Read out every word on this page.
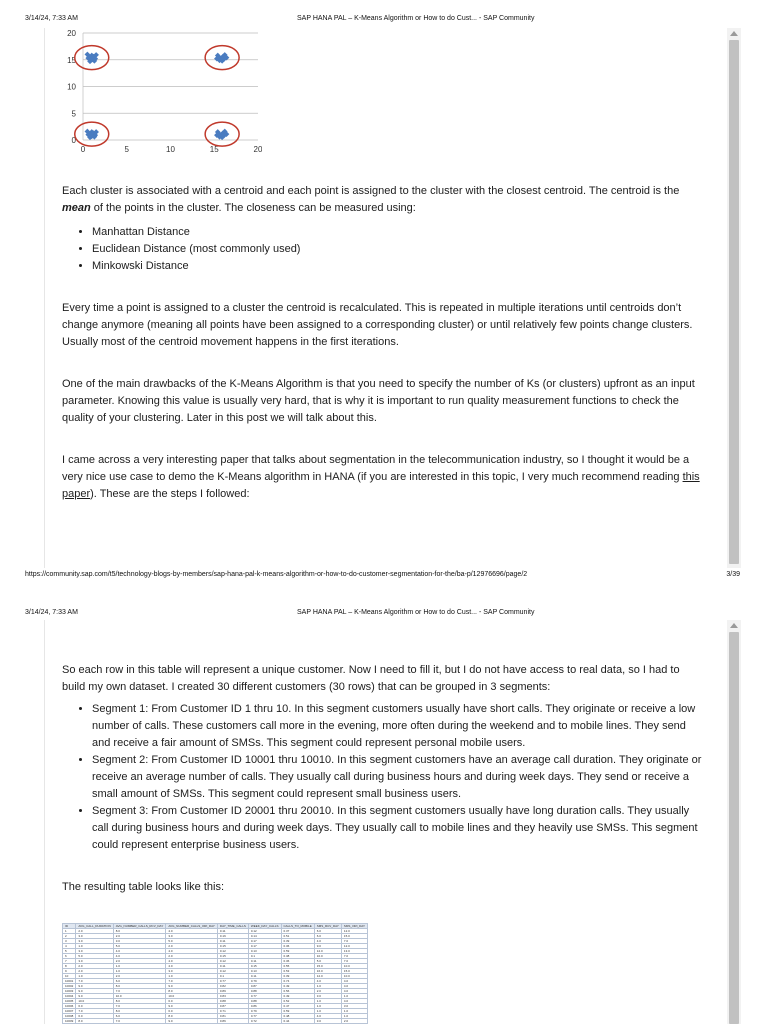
3/14/24, 7:33 AM	SAP HANA PAL – K-Means Algorithm or How to do Cust... - SAP Community
0
5
10
15
20
0	5	10	15	20

Each cluster is associated with a centroid and each point is assigned to the cluster with the closest centroid. The centroid is the mean of the points in the cluster. The closeness can be measured using:

• Manhattan Distance
• Euclidean Distance (most commonly used)
• Minkowski Distance

Every time a point is assigned to a cluster the centroid is recalculated. This is repeated in multiple iterations until centroids don’t change anymore (meaning all points have been assigned to a corresponding cluster) or until relatively few points change clusters. Usually most of the centroid movement happens in the first iterations.

One of the main drawbacks of the K-Means Algorithm is that you need to specify the number of Ks (or clusters) upfront as an input parameter. Knowing this value is usually very hard, that is why it is important to run quality measurement functions to check the quality of your clustering. Later in this post we will talk about this.

I came across a very interesting paper that talks about segmentation in the telecommunication industry, so I thought it would be a very nice use case to demo the K-Means algorithm in HANA (if you are interested in this topic, I very much recommend reading this paper). These are the steps I followed:

https://community.sap.com/t5/technology-blogs-by-members/sap-hana-pal-k-means-algorithm-or-how-to-do-customer-segmentation-for-the/ba-p/12976696/page/2	3/39
3/14/24, 7:33 AM	SAP HANA PAL – K-Means Algorithm or How to do Cust... - SAP Community

So each row in this table will represent a unique customer. Now I need to fill it, but I do not have access to real data, so I had to build my own dataset. I created 30 different customers (30 rows) that can be grouped in 3 segments:

• Segment 1: From Customer ID 1 thru 10. In this segment customers usually have short calls. They originate or receive a low number of calls. These customers call more in the evening, more often during the weekend and to mobile lines. They send and receive a fair amount of SMSs. This segment could represent personal mobile users.
• Segment 2: From Customer ID 10001 thru 10010. In this segment customers have an average call duration. They originate or receive an average number of calls. They usually call during business hours and during week days. They send or receive a small amount of SMSs. This segment could represent small business users.
• Segment 3: From Customer ID 20001 thru 20010. In this segment customers usually have long duration calls. They usually call during business hours and during week days. They usually call to mobile lines and they heavily use SMSs. This segment could represent enterprise business users.

The resulting table looks like this:

ID	AVG_CALL_DURATION	AVG_NUMBER_CALLS_RCV_DAY	AVG_NUMBER_CALLS_ORI_DAY	DAY_TIME_CALLS	WEEK_DAY_CALLS	CALLS_TO_MOBILE	SMS_RCV_DAY	SMS_ORI_DAY
1	2.0	8.0	4.0	0.11	0.12	0.37	6.0	12.0
2	3.0	2.0	3.0	0.16	0.14	0.51	6.0	15.0
3	3.0	3.0	5.0	0.11	0.17	0.39	4.0	7.0
4	1.0	5.0	2.0	0.15	0.17	0.36	9.0	12.0
5	3.0	4.0	4.0	0.12	0.13	0.59	12.0	13.0
6	5.0	4.0	2.0	0.15	0.1	0.38	10.0	7.0
7	3.0	2.0	4.0	0.12	0.11	0.36	5.0	7.0
8	2.0	1.0	4.0	0.11	0.15	0.55	15.0	10.0
9	2.0	1.0	3.0	0.12	0.13	0.53	16.0	15.0
10	1.0	2.0	1.0	0.1	0.11	0.39	12.0	10.0
10001	7.0	6.0	7.0	0.77	0.79	0.74	4.0	4.0
10002	9.0	8.0	9.0	0.82	0.87	0.49	1.0	4.0
10003	9.0	7.0	8.0	0.89	0.88	0.56	2.0	4.0
10004	9.0	10.0	10.0	0.83	0.77	0.49	3.0	1.0
10005	10.0	8.0	6.0	0.88	0.88	0.52	1.0	4.0
10006	6.0	7.0	9.0	0.87	0.86	0.47	1.0	3.0
10007	7.0	8.0	6.0	0.71	0.79	0.59	1.0	1.0
10008	6.0	6.0	8.0	0.81	0.77	0.48	4.0	1.0
10009	8.0	7.0	9.0	0.86	0.72	0.44	3.0	2.0
